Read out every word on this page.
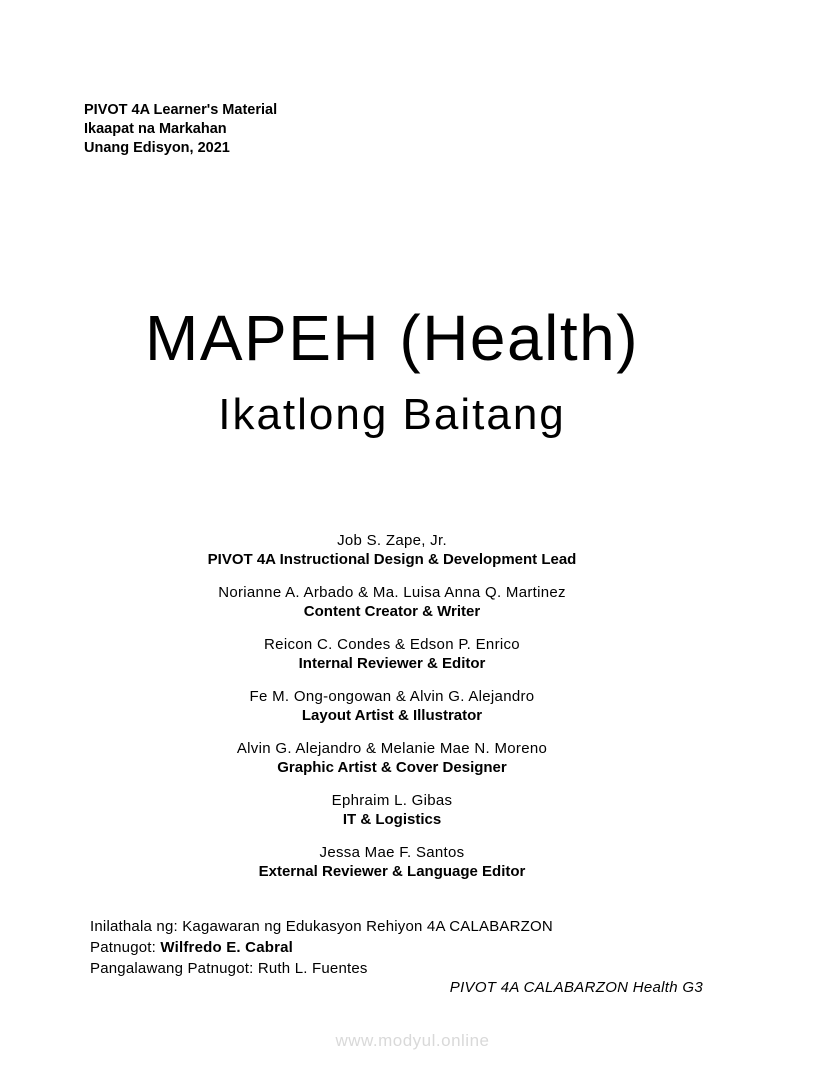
PIVOT 4A Learner's Material
Ikaapat na Markahan
Unang Edisyon, 2021
MAPEH (Health)
Ikatlong Baitang
Job S. Zape, Jr.
PIVOT 4A Instructional Design & Development Lead
Norianne A. Arbado & Ma. Luisa Anna Q. Martinez
Content Creator & Writer
Reicon C. Condes & Edson P. Enrico
Internal Reviewer & Editor
Fe M. Ong-ongowan & Alvin G. Alejandro
Layout Artist & Illustrator
Alvin G. Alejandro & Melanie Mae N. Moreno
Graphic Artist & Cover Designer
Ephraim L. Gibas
IT & Logistics
Jessa Mae F. Santos
External Reviewer & Language Editor
Inilathala ng: Kagawaran ng Edukasyon Rehiyon 4A CALABARZON
Patnugot: Wilfredo E. Cabral
Pangalawang Patnugot: Ruth L. Fuentes
PIVOT 4A CALABARZON Health G3
www.modyul.online
